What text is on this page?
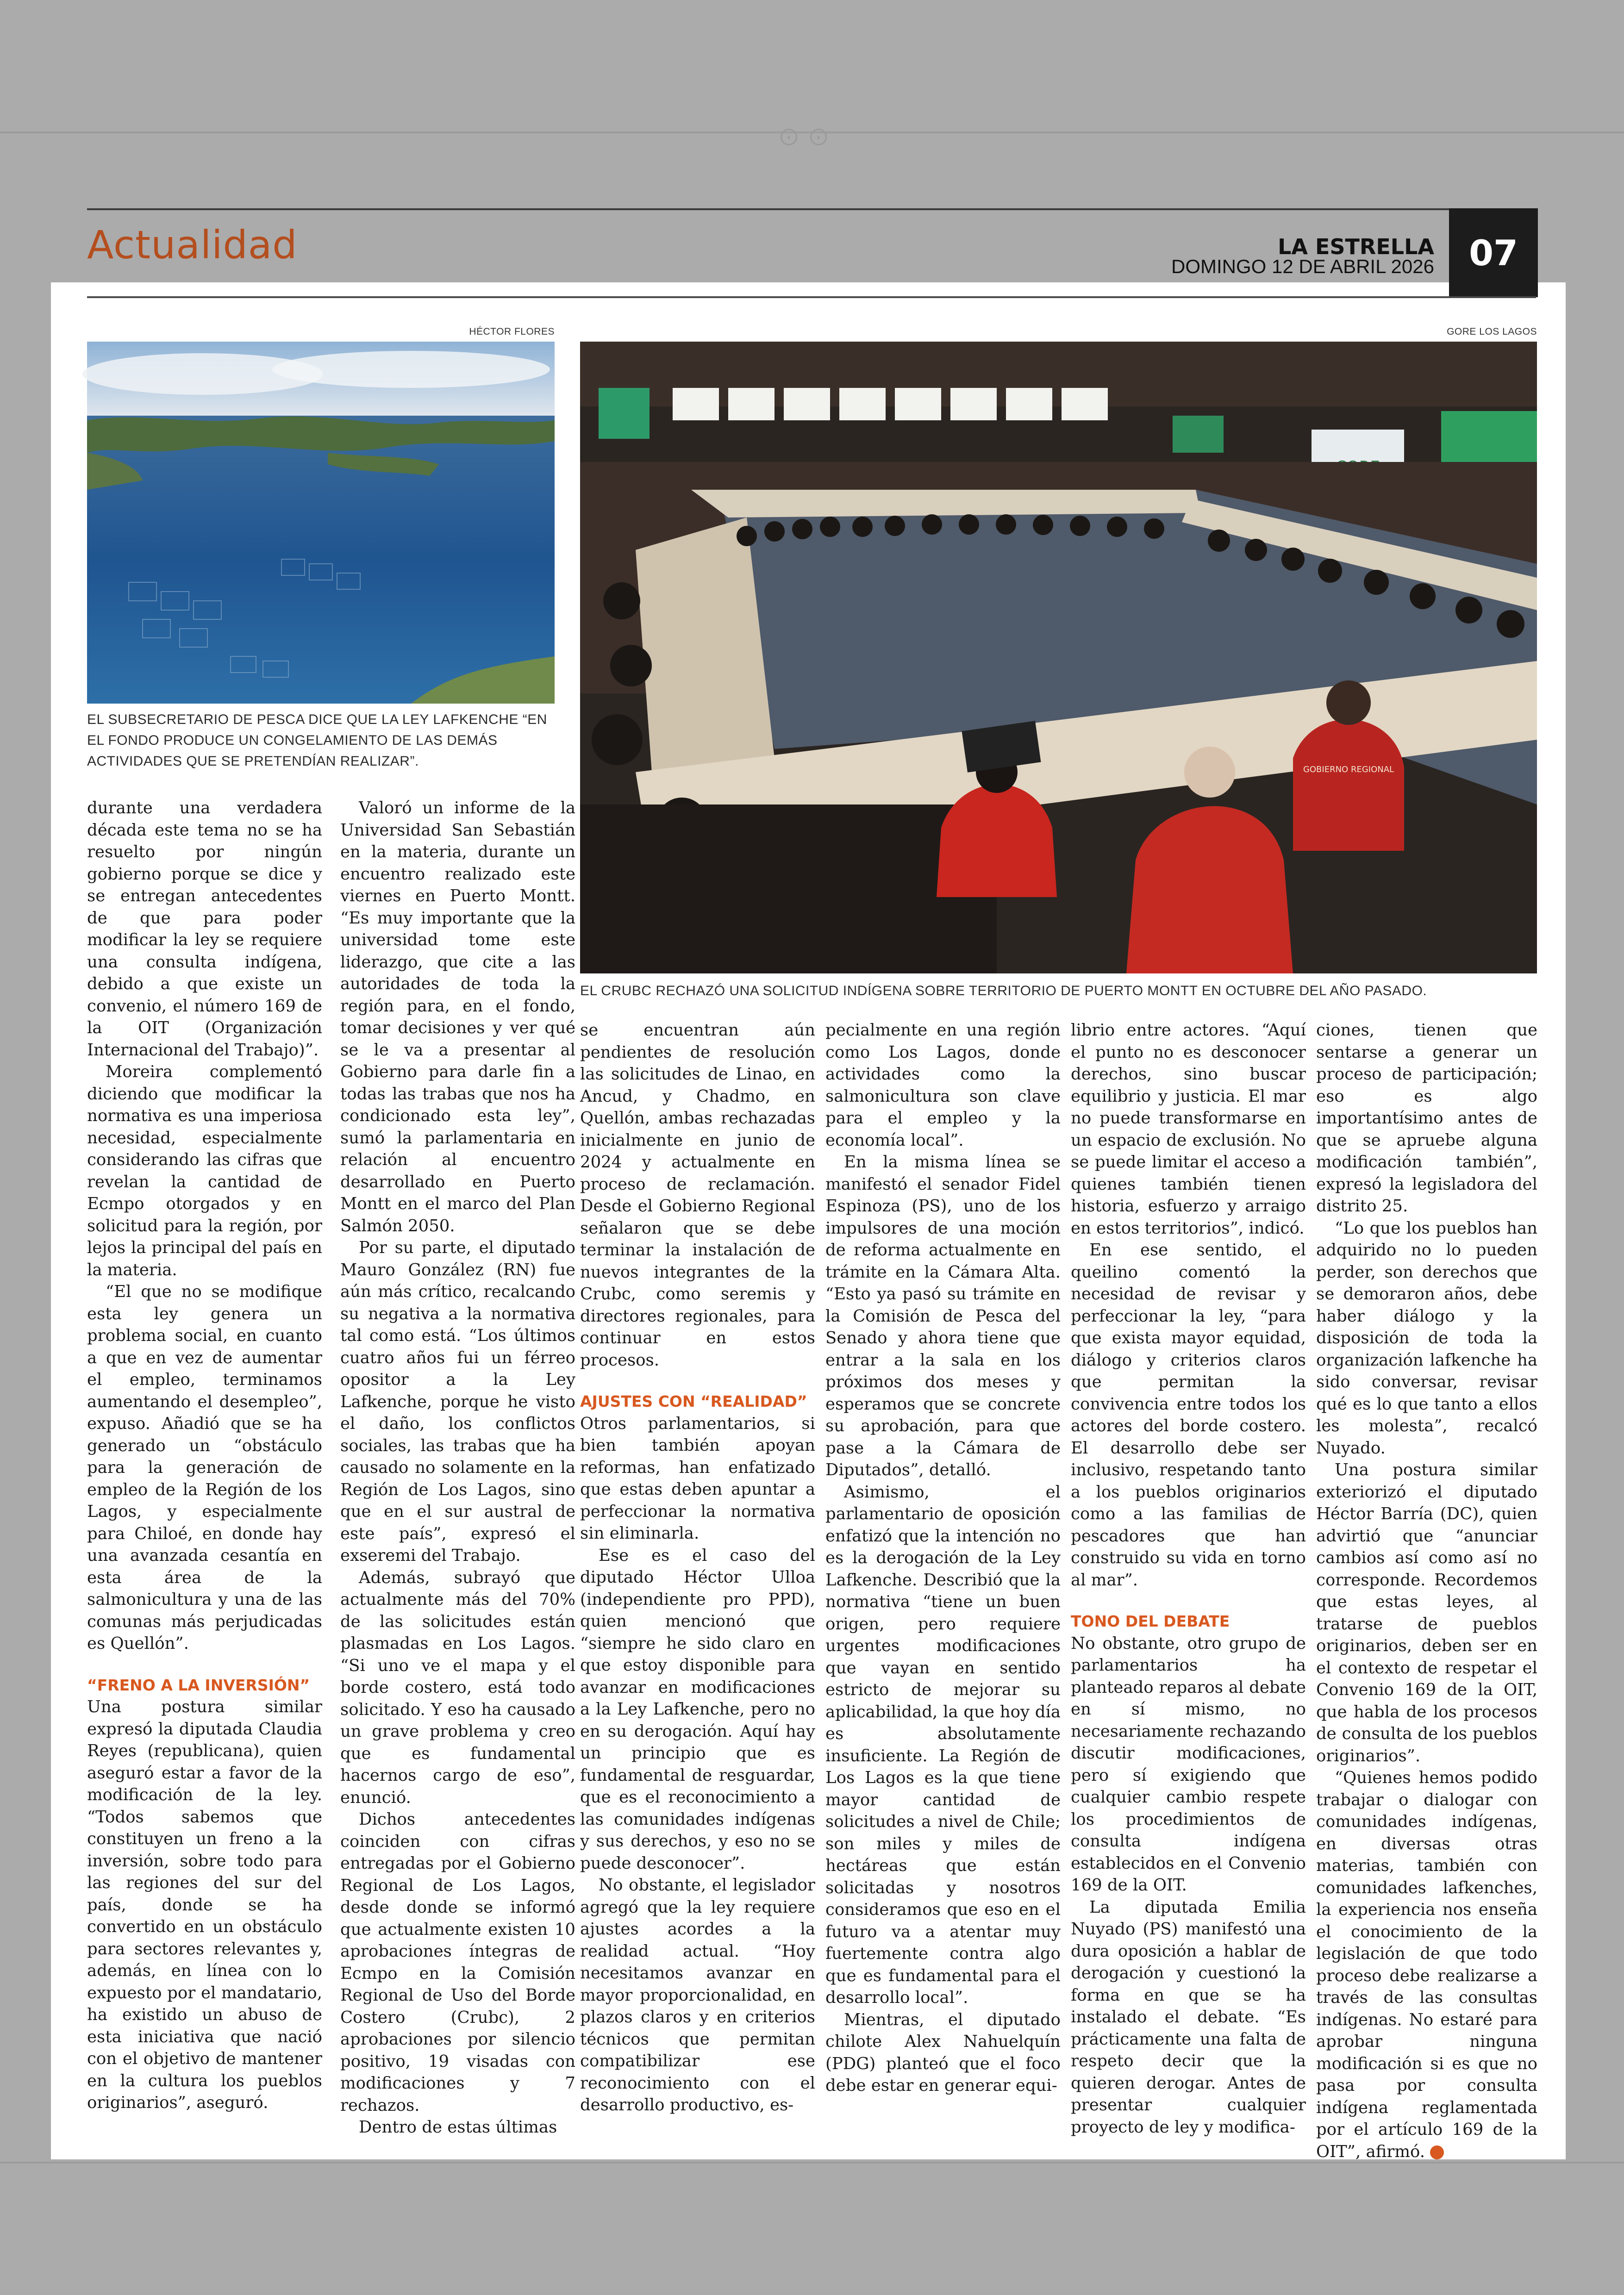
‹	›
Actualidad	LA ESTRELLA
DOMINGO 12 DE ABRIL 2026 07
HÉCTOR FLORES
EL SUBSECRETARIO DE PESCA DICE QUE LA LEY LAFKENCHE “EN EL FONDO PRODUCE UN CONGELAMIENTO DE LAS DEMÁS ACTIVIDADES QUE SE PRETENDÍAN REALIZAR”.
GORE LOS LAGOS
GOBIERNO REGIONAL
EL CRUBC RECHAZÓ UNA SOLICITUD INDÍGENA SOBRE TERRITORIO DE PUERTO MONTT EN OCTUBRE DEL AÑO PASADO.

durante una verdadera década este tema no se ha resuelto por ningún gobierno porque se dice y se entregan antecedentes de que para poder modificar la ley se requiere una consulta indígena, debido a que existe un convenio, el número 169 de la OIT (Organización Internacional del Trabajo)”.

Moreira complementó diciendo que modificar la normativa es una imperiosa necesidad, especialmente considerando las cifras que revelan la cantidad de Ecmpo otorgados y en solicitud para la región, por lejos la principal del país en la materia.

“El que no se modifique esta ley genera un problema social, en cuanto a que en vez de aumentar el empleo, terminamos aumentando el desempleo”, expuso. Añadió que se ha generado un “obstáculo para la generación de empleo de la Región de los Lagos, y especialmente para Chiloé, en donde hay una avanzada cesantía en esta área de la salmonicultura y una de las comunas más perjudicadas es Quellón”.

“FRENO A LA INVERSIÓN”

Una postura similar expresó la diputada Claudia Reyes (republicana), quien aseguró estar a favor de la modificación de la ley. “Todos sabemos que constituyen un freno a la inversión, sobre todo para las regiones del sur del país, donde se ha convertido en un obstáculo para sectores relevantes y, además, en línea con lo expuesto por el mandatario, ha existido un abuso de esta iniciativa que nació con el objetivo de mantener en la cultura los pueblos originarios”, aseguró.

Valoró un informe de la Universidad San Sebastián en la materia, durante un encuentro realizado este viernes en Puerto Montt. “Es muy importante que la universidad tome este liderazgo, que cite a las autoridades de toda la región para, en el fondo, tomar decisiones y ver qué se le va a presentar al Gobierno para darle fin a todas las trabas que nos ha condicionado esta ley”, sumó la parlamentaria en relación al encuentro desarrollado en Puerto Montt en el marco del Plan Salmón 2050.

Por su parte, el diputado Mauro González (RN) fue aún más crítico, recalcando su negativa a la normativa tal como está. “Los últimos cuatro años fui un férreo opositor a la Ley Lafkenche, porque he visto el daño, los conflictos sociales, las trabas que ha causado no solamente en la Región de Los Lagos, sino que en el sur austral de este país”, expresó el exseremi del Trabajo.

Además, subrayó que actualmente más del 70% de las solicitudes están plasmadas en Los Lagos. “Si uno ve el mapa y el borde costero, está todo solicitado. Y eso ha causado un grave problema y creo que es fundamental hacernos cargo de eso”, enunció.

Dichos antecedentes coinciden con cifras entregadas por el Gobierno Regional de Los Lagos, desde donde se informó que actualmente existen 10 aprobaciones íntegras de Ecmpo en la Comisión Regional de Uso del Borde Costero (Crubc), 2 aprobaciones por silencio positivo, 19 visadas con modificaciones y 7 rechazos.

Dentro de estas últimas

se encuentran aún pendientes de resolución las solicitudes de Linao, en Ancud, y Chadmo, en Quellón, ambas rechazadas inicialmente en junio de 2024 y actualmente en proceso de reclamación. Desde el Gobierno Regional señalaron que se debe terminar la instalación de nuevos integrantes de la Crubc, como seremis y directores regionales, para continuar en estos procesos.

AJUSTES CON “REALIDAD”

Otros parlamentarios, si bien también apoyan reformas, han enfatizado que estas deben apuntar a perfeccionar la normativa sin eliminarla.

Ese es el caso del diputado Héctor Ulloa (independiente pro PPD), quien mencionó que “siempre he sido claro en que estoy disponible para avanzar en modificaciones a la Ley Lafkenche, pero no en su derogación. Aquí hay un principio que es fundamental de resguardar, que es el reconocimiento a las comunidades indígenas y sus derechos, y eso no se puede desconocer”.

No obstante, el legislador agregó que la ley requiere ajustes acordes a la realidad actual. “Hoy necesitamos avanzar en mayor proporcionalidad, en plazos claros y en criterios técnicos que permitan compatibilizar ese reconocimiento con el desarrollo productivo, es-

pecialmente en una región como Los Lagos, donde actividades como la salmonicultura son clave para el empleo y la economía local”.

En la misma línea se manifestó el senador Fidel Espinoza (PS), uno de los impulsores de una moción de reforma actualmente en trámite en la Cámara Alta. “Esto ya pasó su trámite en la Comisión de Pesca del Senado y ahora tiene que entrar a la sala en los próximos dos meses y esperamos que se concrete su aprobación, para que pase a la Cámara de Diputados”, detalló.

Asimismo, el parlamentario de oposición enfatizó que la intención no es la derogación de la Ley Lafkenche. Describió que la normativa “tiene un buen origen, pero requiere urgentes modificaciones que vayan en sentido estricto de mejorar su aplicabilidad, la que hoy día es absolutamente insuficiente. La Región de Los Lagos es la que tiene mayor cantidad de solicitudes a nivel de Chile; son miles y miles de hectáreas que están solicitadas y nosotros consideramos que eso en el futuro va a atentar muy fuertemente contra algo que es fundamental para el desarrollo local”.

Mientras, el diputado chilote Alex Nahuelquín (PDG) planteó que el foco debe estar en generar equi-

librio entre actores. “Aquí el punto no es desconocer derechos, sino buscar equilibrio y justicia. El mar no puede transformarse en un espacio de exclusión. No se puede limitar el acceso a quienes también tienen historia, esfuerzo y arraigo en estos territorios”, indicó.

En ese sentido, el queilino comentó la necesidad de revisar y perfeccionar la ley, “para que exista mayor equidad, diálogo y criterios claros que permitan la convivencia entre todos los actores del borde costero. El desarrollo debe ser inclusivo, respetando tanto a los pueblos originarios como a las familias de pescadores que han construido su vida en torno al mar”.

TONO DEL DEBATE

No obstante, otro grupo de parlamentarios ha planteado reparos al debate en sí mismo, no necesariamente rechazando discutir modificaciones, pero sí exigiendo que cualquier cambio respete los procedimientos de consulta indígena establecidos en el Convenio 169 de la OIT.

La diputada Emilia Nuyado (PS) manifestó una dura oposición a hablar de derogación y cuestionó la forma en que se ha instalado el debate. “Es prácticamente una falta de respeto decir que la quieren derogar. Antes de presentar cualquier proyecto de ley y modifica-

ciones, tienen que sentarse a generar un proceso de participación; eso es algo importantísimo antes de que se apruebe alguna modificación también”, expresó la legisladora del distrito 25.

“Lo que los pueblos han adquirido no lo pueden perder, son derechos que se demoraron años, debe haber diálogo y la disposición de toda la organización lafkenche ha sido conversar, revisar qué es lo que tanto a ellos les molesta”, recalcó Nuyado.

Una postura similar exteriorizó el diputado Héctor Barría (DC), quien advirtió que “anunciar cambios así como así no corresponde. Recordemos que estas leyes, al tratarse de pueblos originarios, deben ser en el contexto de respetar el Convenio 169 de la OIT, que habla de los procesos de consulta de los pueblos originarios”.

“Quienes hemos podido trabajar o dialogar con comunidades indígenas, en diversas otras materias, también con comunidades lafkenches, la experiencia nos enseña el conocimiento de la legislación de que todo proceso debe realizarse a través de las consultas indígenas. No estaré para aprobar ninguna modificación si es que no pasa por consulta indígena reglamentada por el artículo 169 de la OIT”, afirmó. ✪
